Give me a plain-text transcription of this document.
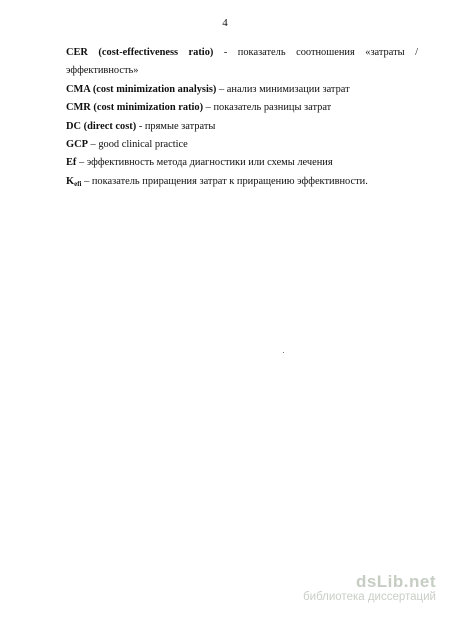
4

CER (cost-effectiveness ratio) - показатель соотношения «затраты /

эффективность»

CMA (cost minimization analysis) – анализ минимизации затрат

CMR (cost minimization ratio) – показатель разницы затрат

DC (direct cost) - прямые затраты

GCP – good clinical practice

Ef – эффективность метода диагностики или схемы лечения

$K_{efi}$ – показатель приращения затрат к приращению эффективности.

dsLib.net
библиотека диссертаций
